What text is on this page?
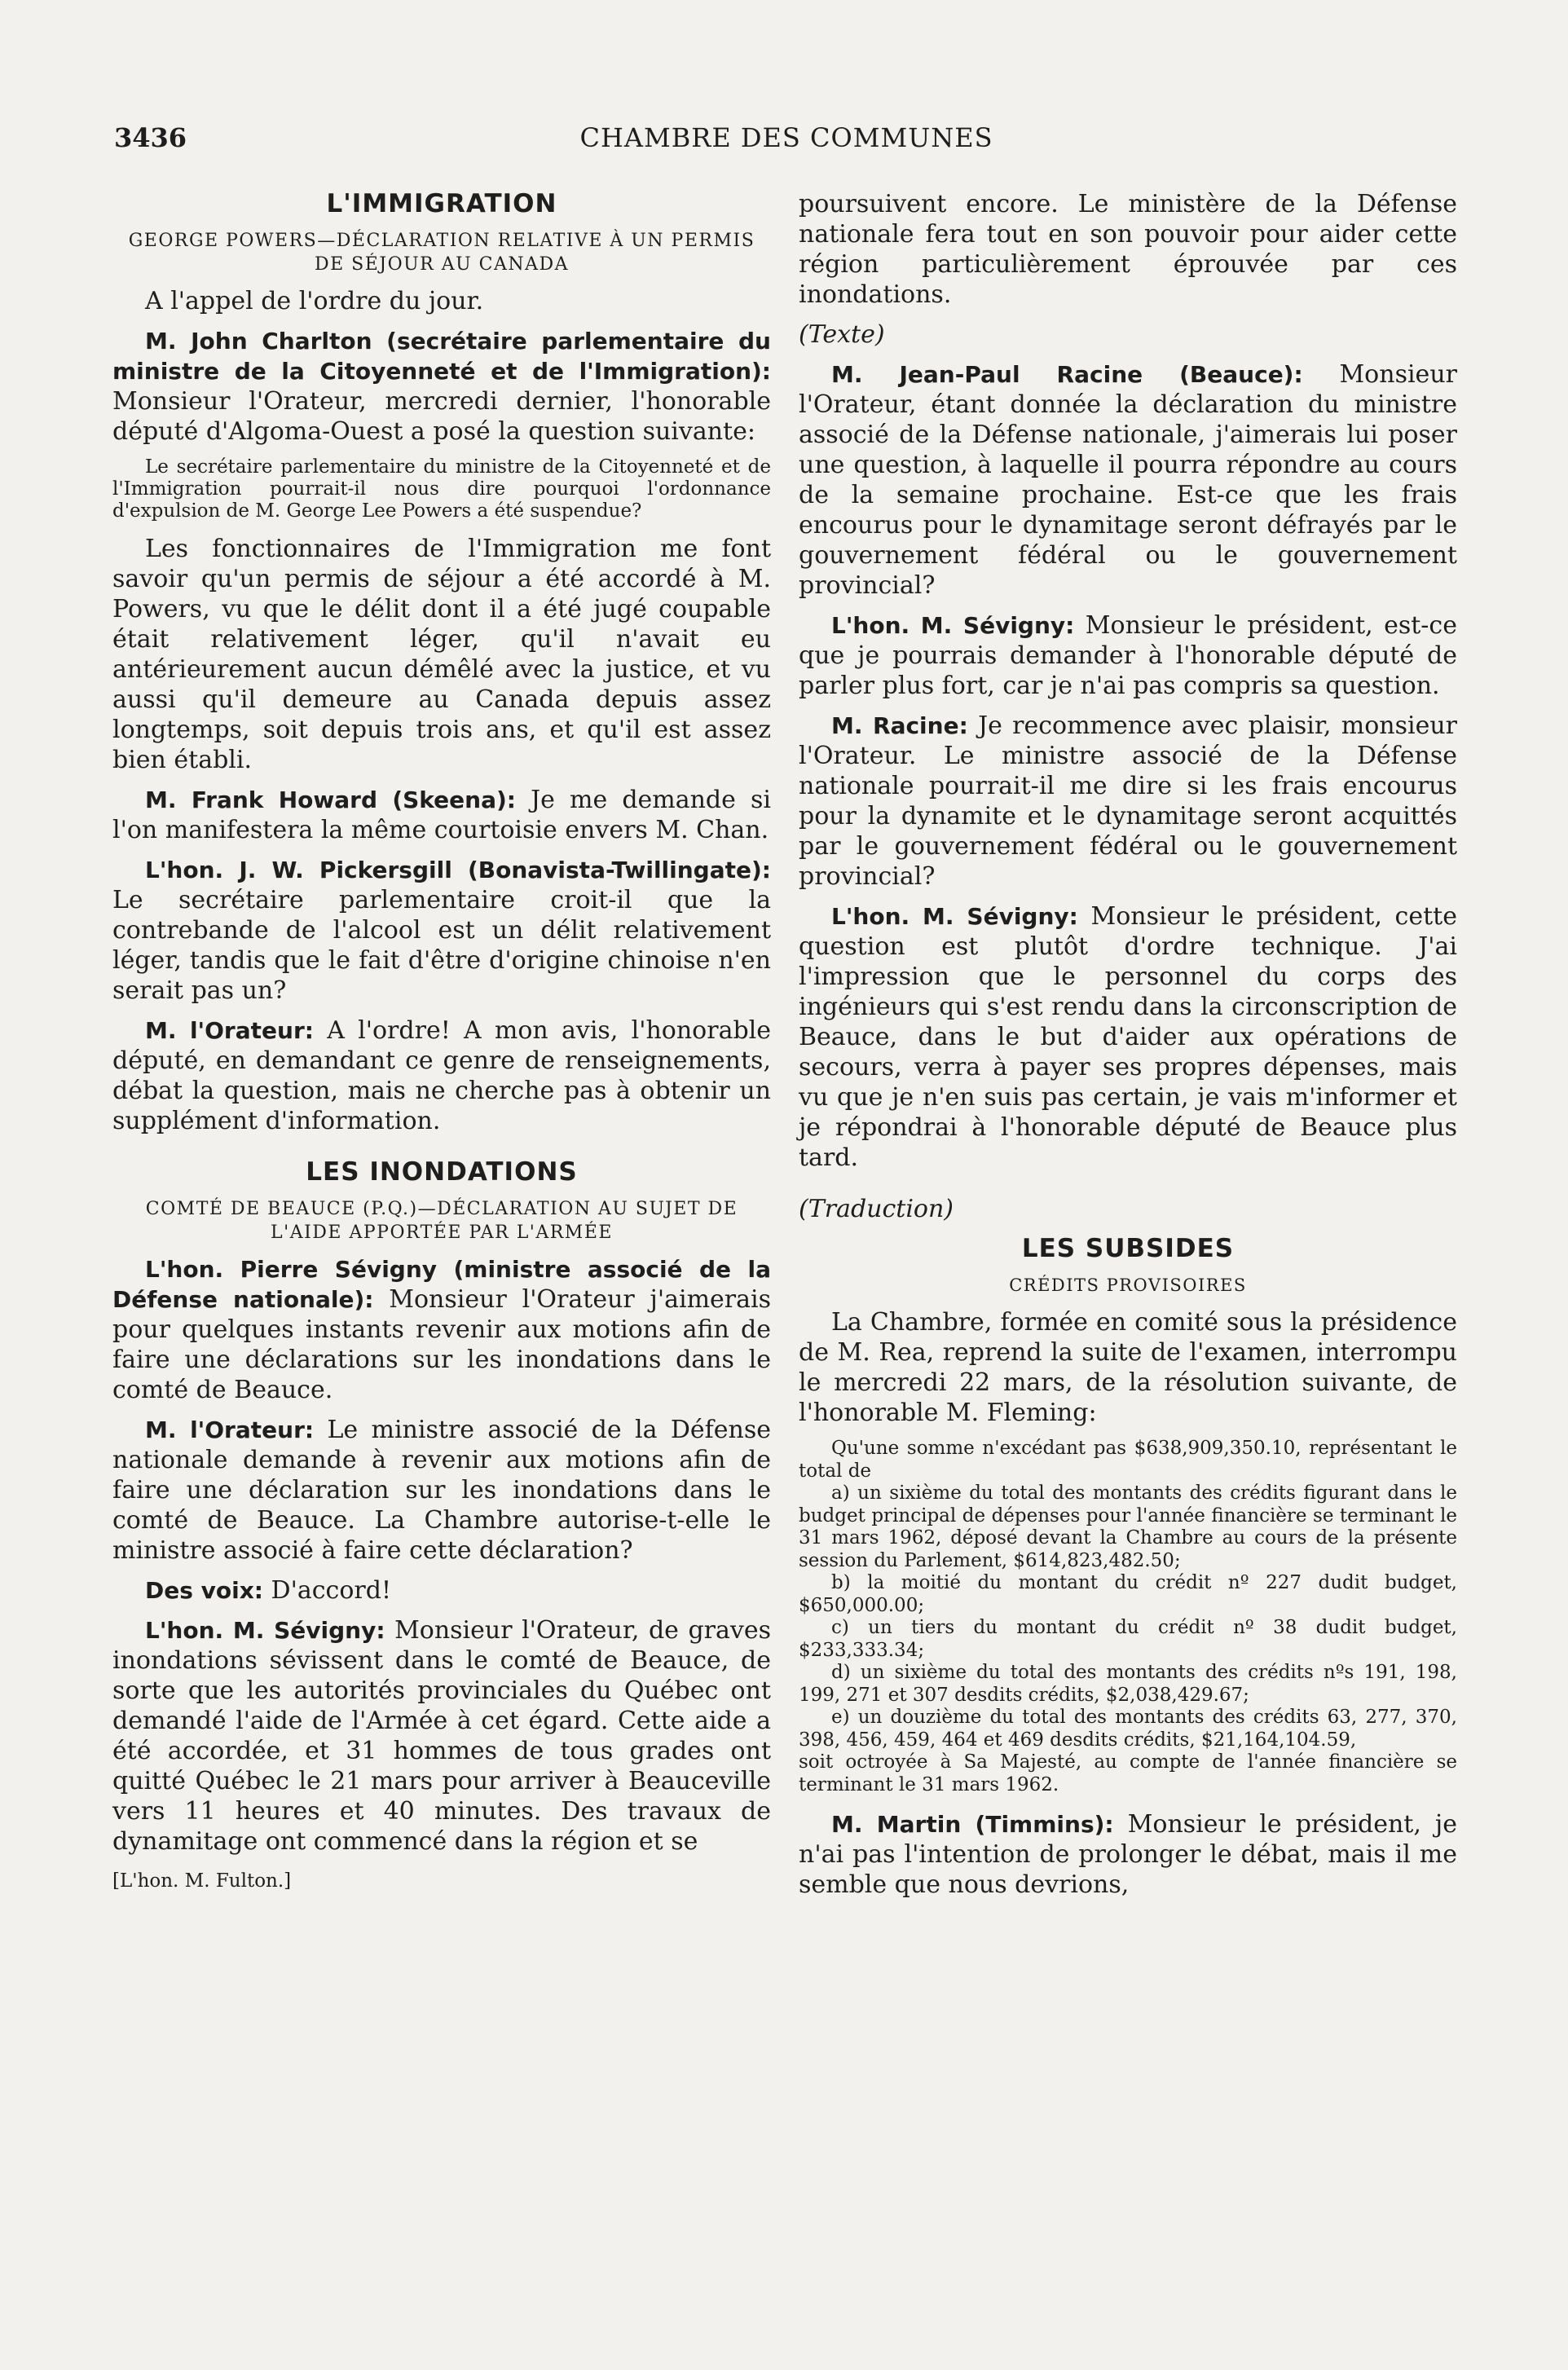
3436	CHAMBRE DES COMMUNES
L'IMMIGRATION
GEORGE POWERS—DÉCLARATION RELATIVE À UN PERMIS DE SÉJOUR AU CANADA

A l'appel de l'ordre du jour.

M. John Charlton (secrétaire parlementaire du ministre de la Citoyenneté et de l'Immigration): Monsieur l'Orateur, mercredi dernier, l'honorable député d'Algoma-Ouest a posé la question suivante:

Le secrétaire parlementaire du ministre de la Citoyenneté et de l'Immigration pourrait-il nous dire pourquoi l'ordonnance d'expulsion de M. George Lee Powers a été suspendue?

Les fonctionnaires de l'Immigration me font savoir qu'un permis de séjour a été accordé à M. Powers, vu que le délit dont il a été jugé coupable était relativement léger, qu'il n'avait eu antérieurement aucun démêlé avec la justice, et vu aussi qu'il demeure au Canada depuis assez longtemps, soit depuis trois ans, et qu'il est assez bien établi.

M. Frank Howard (Skeena): Je me demande si l'on manifestera la même courtoisie envers M. Chan.

L'hon. J. W. Pickersgill (Bonavista-Twillingate): Le secrétaire parlementaire croit-il que la contrebande de l'alcool est un délit relativement léger, tandis que le fait d'être d'origine chinoise n'en serait pas un?

M. l'Orateur: A l'ordre! A mon avis, l'honorable député, en demandant ce genre de renseignements, débat la question, mais ne cherche pas à obtenir un supplément d'information.

LES INONDATIONS
COMTÉ DE BEAUCE (P.Q.)—DÉCLARATION AU SUJET DE L'AIDE APPORTÉE PAR L'ARMÉE

L'hon. Pierre Sévigny (ministre associé de la Défense nationale): Monsieur l'Orateur j'aimerais pour quelques instants revenir aux motions afin de faire une déclarations sur les inondations dans le comté de Beauce.

M. l'Orateur: Le ministre associé de la Défense nationale demande à revenir aux motions afin de faire une déclaration sur les inondations dans le comté de Beauce. La Chambre autorise-t-elle le ministre associé à faire cette déclaration?

Des voix: D'accord!

L'hon. M. Sévigny: Monsieur l'Orateur, de graves inondations sévissent dans le comté de Beauce, de sorte que les autorités provinciales du Québec ont demandé l'aide de l'Armée à cet égard. Cette aide a été accordée, et 31 hommes de tous grades ont quitté Québec le 21 mars pour arriver à Beauceville vers 11 heures et 40 minutes. Des travaux de dynamitage ont commencé dans la région et se

[L'hon. M. Fulton.]

poursuivent encore. Le ministère de la Défense nationale fera tout en son pouvoir pour aider cette région particulièrement éprouvée par ces inondations.

(Texte)

M. Jean-Paul Racine (Beauce): Monsieur l'Orateur, étant donnée la déclaration du ministre associé de la Défense nationale, j'aimerais lui poser une question, à laquelle il pourra répondre au cours de la semaine prochaine. Est-ce que les frais encourus pour le dynamitage seront défrayés par le gouvernement fédéral ou le gouvernement provincial?

L'hon. M. Sévigny: Monsieur le président, est-ce que je pourrais demander à l'honorable député de parler plus fort, car je n'ai pas compris sa question.

M. Racine: Je recommence avec plaisir, monsieur l'Orateur. Le ministre associé de la Défense nationale pourrait-il me dire si les frais encourus pour la dynamite et le dynamitage seront acquittés par le gouvernement fédéral ou le gouvernement provincial?

L'hon. M. Sévigny: Monsieur le président, cette question est plutôt d'ordre technique. J'ai l'impression que le personnel du corps des ingénieurs qui s'est rendu dans la circonscription de Beauce, dans le but d'aider aux opérations de secours, verra à payer ses propres dépenses, mais vu que je n'en suis pas certain, je vais m'informer et je répondrai à l'honorable député de Beauce plus tard.

(Traduction)

LES SUBSIDES
CRÉDITS PROVISOIRES

La Chambre, formée en comité sous la présidence de M. Rea, reprend la suite de l'examen, interrompu le mercredi 22 mars, de la résolution suivante, de l'honorable M. Fleming:

Qu'une somme n'excédant pas $638,909,350.10, représentant le total de
a) un sixième du total des montants des crédits figurant dans le budget principal de dépenses pour l'année financière se terminant le 31 mars 1962, déposé devant la Chambre au cours de la présente session du Parlement, $614,823,482.50;
b) la moitié du montant du crédit nº 227 dudit budget, $650,000.00;
c) un tiers du montant du crédit nº 38 dudit budget, $233,333.34;
d) un sixième du total des montants des crédits nºs 191, 198, 199, 271 et 307 desdits crédits, $2,038,429.67;
e) un douzième du total des montants des crédits 63, 277, 370, 398, 456, 459, 464 et 469 desdits crédits, $21,164,104.59,
soit octroyée à Sa Majesté, au compte de l'année financière se terminant le 31 mars 1962.

M. Martin (Timmins): Monsieur le président, je n'ai pas l'intention de prolonger le débat, mais il me semble que nous devrions,
